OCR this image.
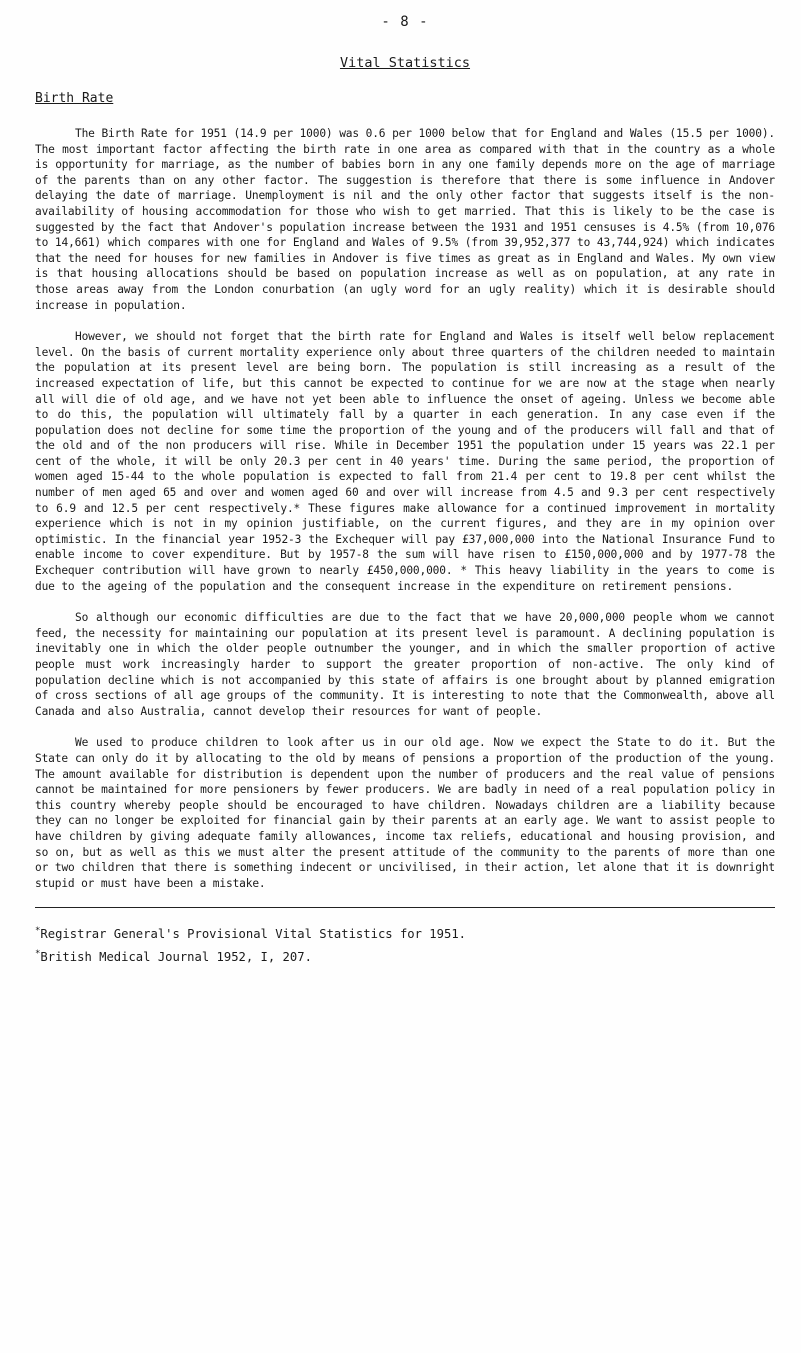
- 8 -
Vital Statistics
Birth Rate

The Birth Rate for 1951 (14.9 per 1000) was 0.6 per 1000 below that for England and Wales (15.5 per 1000). The most important factor affecting the birth rate in one area as compared with that in the country as a whole is opportunity for marriage, as the number of babies born in any one family depends more on the age of marriage of the parents than on any other factor. The suggestion is therefore that there is some influence in Andover delaying the date of marriage. Unemployment is nil and the only other factor that suggests itself is the non-availability of housing accommodation for those who wish to get married. That this is likely to be the case is suggested by the fact that Andover's population increase between the 1931 and 1951 censuses is 4.5% (from 10,076 to 14,661) which compares with one for England and Wales of 9.5% (from 39,952,377 to 43,744,924) which indicates that the need for houses for new families in Andover is five times as great as in England and Wales. My own view is that housing allocations should be based on population increase as well as on population, at any rate in those areas away from the London conurbation (an ugly word for an ugly reality) which it is desirable should increase in population.

However, we should not forget that the birth rate for England and Wales is itself well below replacement level. On the basis of current mortality experience only about three quarters of the children needed to maintain the population at its present level are being born. The population is still increasing as a result of the increased expectation of life, but this cannot be expected to continue for we are now at the stage when nearly all will die of old age, and we have not yet been able to influence the onset of ageing. Unless we become able to do this, the population will ultimately fall by a quarter in each generation. In any case even if the population does not decline for some time the proportion of the young and of the producers will fall and that of the old and of the non producers will rise. While in December 1951 the population under 15 years was 22.1 per cent of the whole, it will be only 20.3 per cent in 40 years' time. During the same period, the proportion of women aged 15-44 to the whole population is expected to fall from 21.4 per cent to 19.8 per cent whilst the number of men aged 65 and over and women aged 60 and over will increase from 4.5 and 9.3 per cent respectively to 6.9 and 12.5 per cent respectively.* These figures make allowance for a continued improvement in mortality experience which is not in my opinion justifiable, on the current figures, and they are in my opinion over optimistic. In the financial year 1952-3 the Exchequer will pay £37,000,000 into the National Insurance Fund to enable income to cover expenditure. But by 1957-8 the sum will have risen to £150,000,000 and by 1977-78 the Exchequer contribution will have grown to nearly £450,000,000. * This heavy liability in the years to come is due to the ageing of the population and the consequent increase in the expenditure on retirement pensions.

So although our economic difficulties are due to the fact that we have 20,000,000 people whom we cannot feed, the necessity for maintaining our population at its present level is paramount. A declining population is inevitably one in which the older people outnumber the younger, and in which the smaller proportion of active people must work increasingly harder to support the greater proportion of non-active. The only kind of population decline which is not accompanied by this state of affairs is one brought about by planned emigration of cross sections of all age groups of the community. It is interesting to note that the Commonwealth, above all Canada and also Australia, cannot develop their resources for want of people.

We used to produce children to look after us in our old age. Now we expect the State to do it. But the State can only do it by allocating to the old by means of pensions a proportion of the production of the young. The amount available for distribution is dependent upon the number of producers and the real value of pensions cannot be maintained for more pensioners by fewer producers. We are badly in need of a real population policy in this country whereby people should be encouraged to have children. Nowadays children are a liability because they can no longer be exploited for financial gain by their parents at an early age. We want to assist people to have children by giving adequate family allowances, income tax reliefs, educational and housing provision, and so on, but as well as this we must alter the present attitude of the community to the parents of more than one or two children that there is something indecent or uncivilised, in their action, let alone that it is downright stupid or must have been a mistake.

*Registrar General's Provisional Vital Statistics for 1951.
*British Medical Journal 1952, I, 207.
